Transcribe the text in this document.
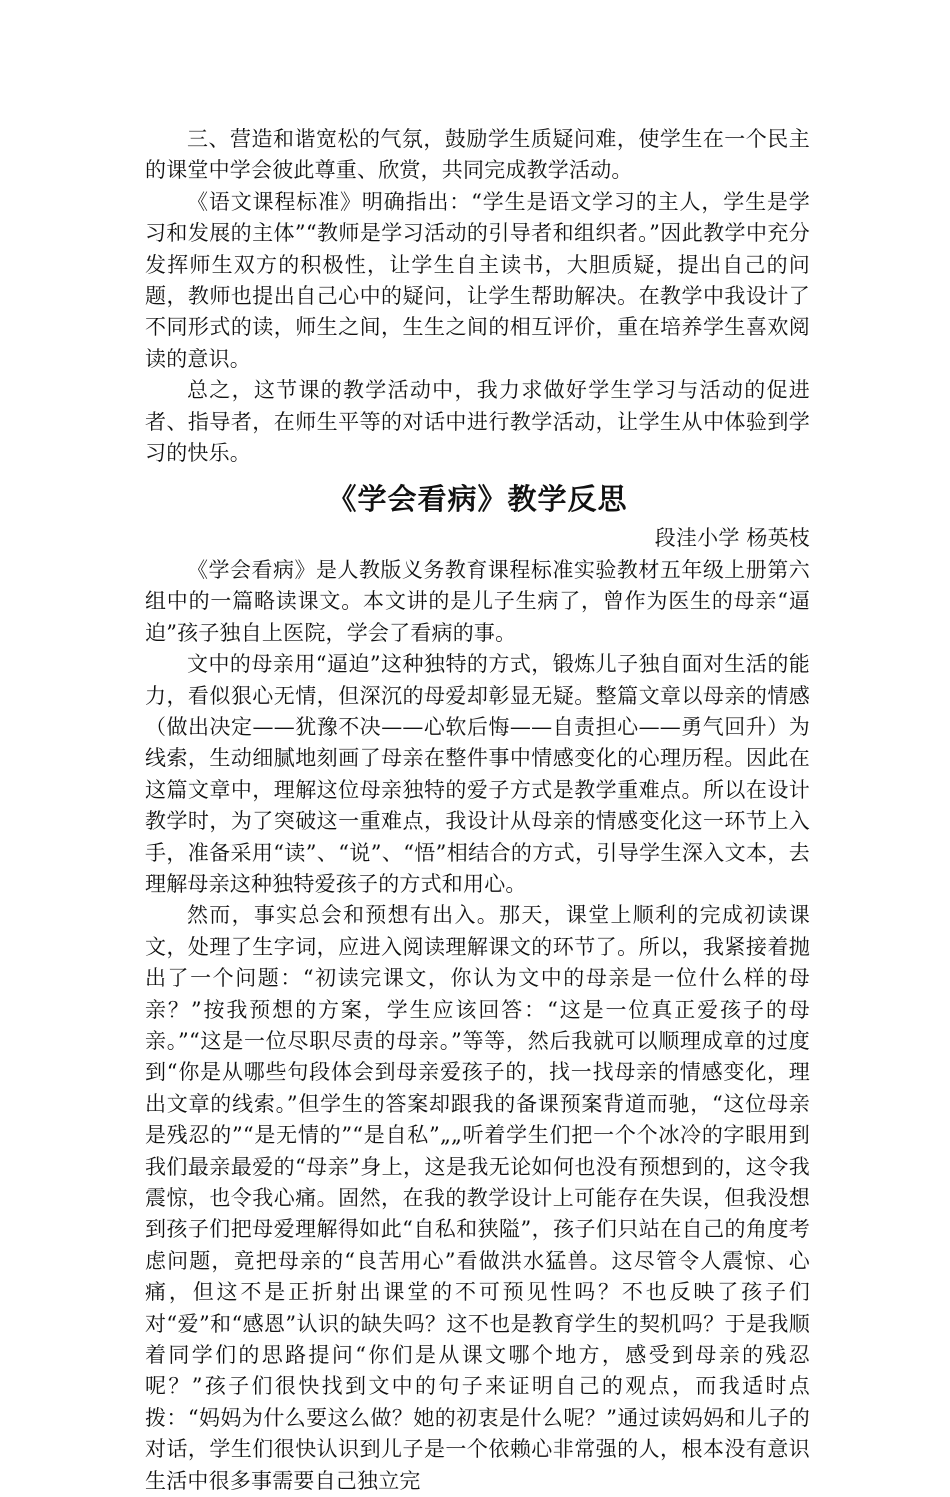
三、营造和谐宽松的气氛，鼓励学生质疑问难，使学生在一个民主的课堂中学会彼此尊重、欣赏，共同完成教学活动。

《语文课程标准》明确指出：“学生是语文学习的主人，学生是学习和发展的主体”“教师是学习活动的引导者和组织者。”因此教学中充分发挥师生双方的积极性，让学生自主读书，大胆质疑，提出自己的问题，教师也提出自己心中的疑问，让学生帮助解决。在教学中我设计了不同形式的读，师生之间，生生之间的相互评价，重在培养学生喜欢阅读的意识。

总之，这节课的教学活动中，我力求做好学生学习与活动的促进者、指导者，在师生平等的对话中进行教学活动，让学生从中体验到学习的快乐。

《学会看病》教学反思

段洼小学 杨英枝

《学会看病》是人教版义务教育课程标准实验教材五年级上册第六组中的一篇略读课文。本文讲的是儿子生病了，曾作为医生的母亲“逼迫”孩子独自上医院，学会了看病的事。

文中的母亲用“逼迫”这种独特的方式，锻炼儿子独自面对生活的能力，看似狠心无情，但深沉的母爱却彰显无疑。整篇文章以母亲的情感（做出决定——犹豫不决——心软后悔——自责担心——勇气回升）为线索，生动细腻地刻画了母亲在整件事中情感变化的心理历程。因此在这篇文章中，理解这位母亲独特的爱子方式是教学重难点。所以在设计教学时，为了突破这一重难点，我设计从母亲的情感变化这一环节上入手，准备采用“读”、“说”、“悟”相结合的方式，引导学生深入文本，去理解母亲这种独特爱孩子的方式和用心。

然而，事实总会和预想有出入。那天，课堂上顺利的完成初读课文，处理了生字词，应进入阅读理解课文的环节了。所以，我紧接着抛出了一个问题：“初读完课文，你认为文中的母亲是一位什么样的母亲？”按我预想的方案，学生应该回答：“这是一位真正爱孩子的母亲。”“这是一位尽职尽责的母亲。”等等，然后我就可以顺理成章的过度到“你是从哪些句段体会到母亲爱孩子的，找一找母亲的情感变化，理出文章的线索。”但学生的答案却跟我的备课预案背道而驰，“这位母亲是残忍的”“是无情的”“是自私”„„听着学生们把一个个冰冷的字眼用到我们最亲最爱的“母亲”身上，这是我无论如何也没有预想到的，这令我震惊，也令我心痛。固然，在我的教学设计上可能存在失误，但我没想到孩子们把母爱理解得如此“自私和狭隘”，孩子们只站在自己的角度考虑问题，竟把母亲的“良苦用心”看做洪水猛兽。这尽管令人震惊、心痛，但这不是正折射出课堂的不可预见性吗？不也反映了孩子们对“爱”和“感恩”认识的缺失吗？这不也是教育学生的契机吗？于是我顺着同学们的思路提问“你们是从课文哪个地方，感受到母亲的残忍呢？”孩子们很快找到文中的句子来证明自己的观点，而我适时点拨：“妈妈为什么要这么做？她的初衷是什么呢？”通过读妈妈和儿子的对话，学生们很快认识到儿子是一个依赖心非常强的人，根本没有意识生活中很多事需要自己独立完
